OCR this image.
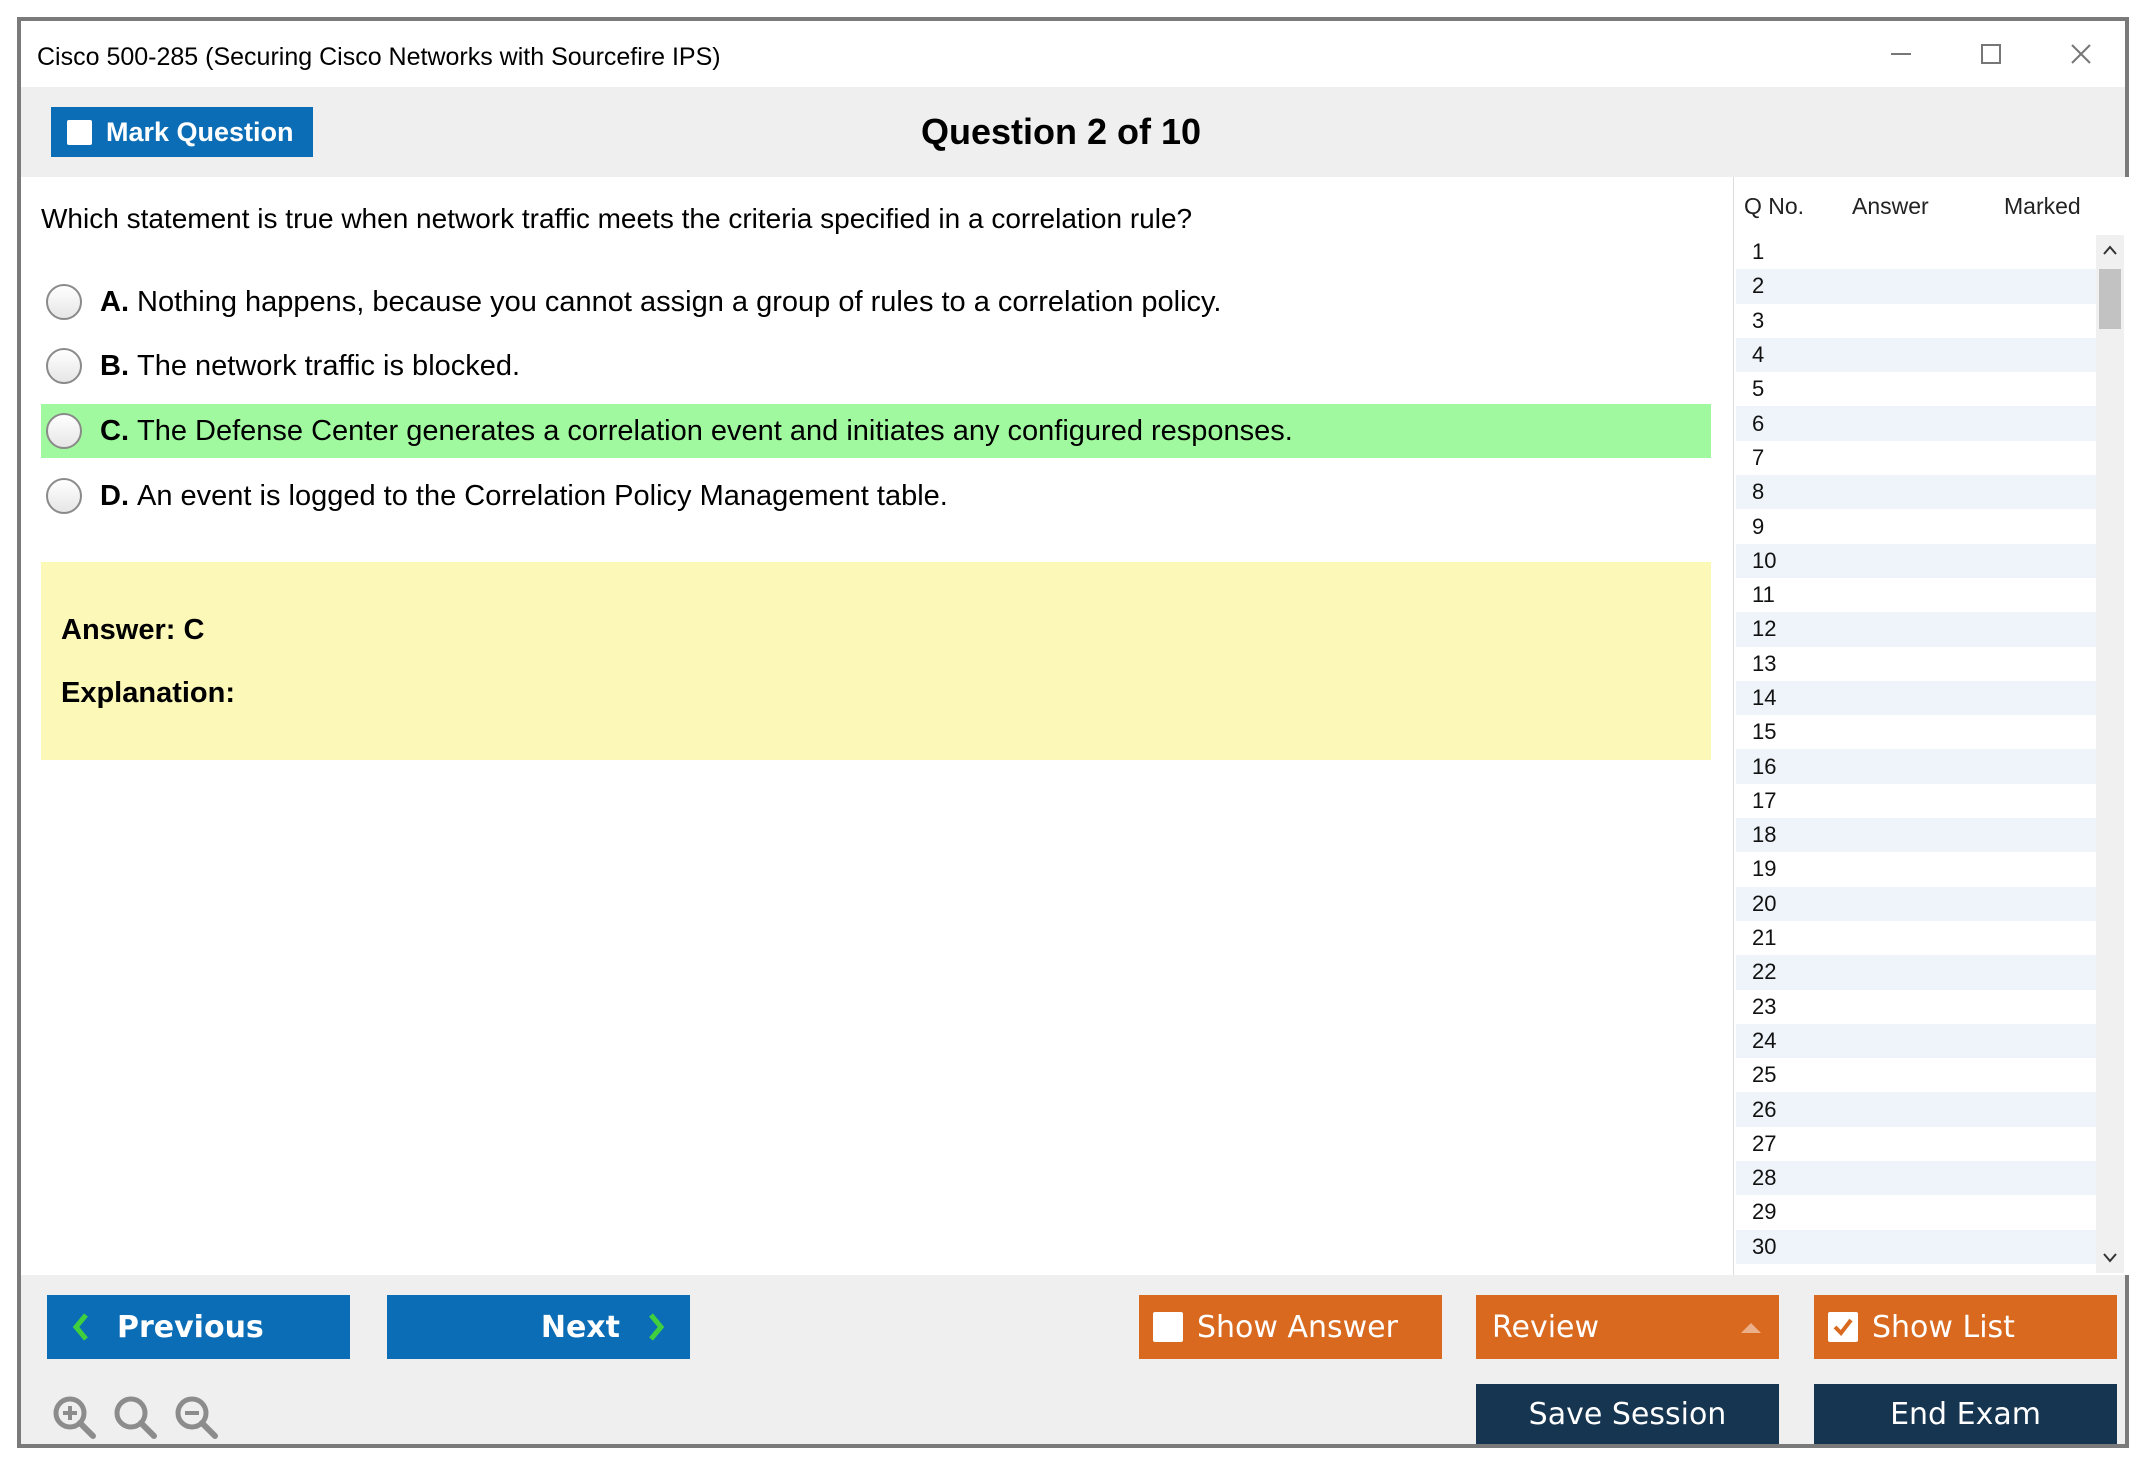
Cisco 500-285 (Securing Cisco Networks with Sourcefire IPS)
Mark Question	Question 2 of 10
Which statement is true when network traffic meets the criteria specified in a correlation rule?
A. Nothing happens, because you cannot assign a group of rules to a correlation policy.
B. The network traffic is blocked.
C. The Defense Center generates a correlation event and initiates any configured responses.
D. An event is logged to the Correlation Policy Management table.
Answer: C
Explanation:
Q No. Answer	Marked
1
2
3
4
5
6
7
8
9
10
11
12
13
14
15
16
17
18
19
20
21
22
23
24
25
26
27
28
29
30
Previous	Next	Show Answer	Review	Show List
Save Session	End Exam
